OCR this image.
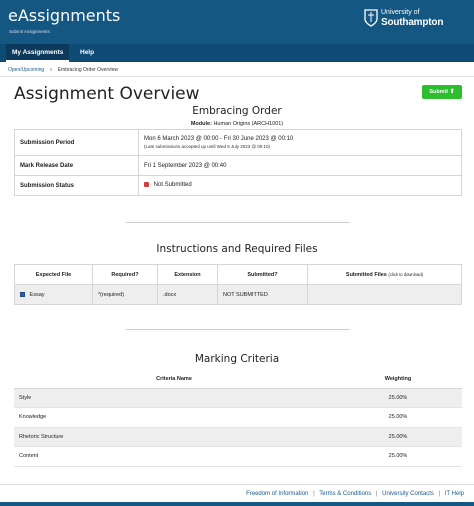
eAssignments
Submit Assignments
University of
Southampton
My Assignments	Help
Open/Upcoming » Embracing Order Overview
Assignment Overview	Submit ⬆
Embracing Order
Module: Human Origins (ARCH1001)
Submission Period	Mon 6 March 2023 @ 00:00 - Fri 30 June 2023 @ 00:10
(Late submissions accepted up until Wed 5 July 2023 @ 00:10)

Mark Release Date	Fri 1 September 2023 @ 00:40
Submission Status	Not Submitted
Instructions and Required Files
Expected File	Required?	Extension	Submitted?	Submitted Files (click to download)
Essay	*(required)	.docx	NOT SUBMITTED	
Marking Criteria
Criteria Name	Weighting
Style	25.00%
Knowledge	25.00%
Rhetoric Structure	25.00%
Content	25.00%
Freedom of Information | Terms & Conditions | University Contacts | IT Help
